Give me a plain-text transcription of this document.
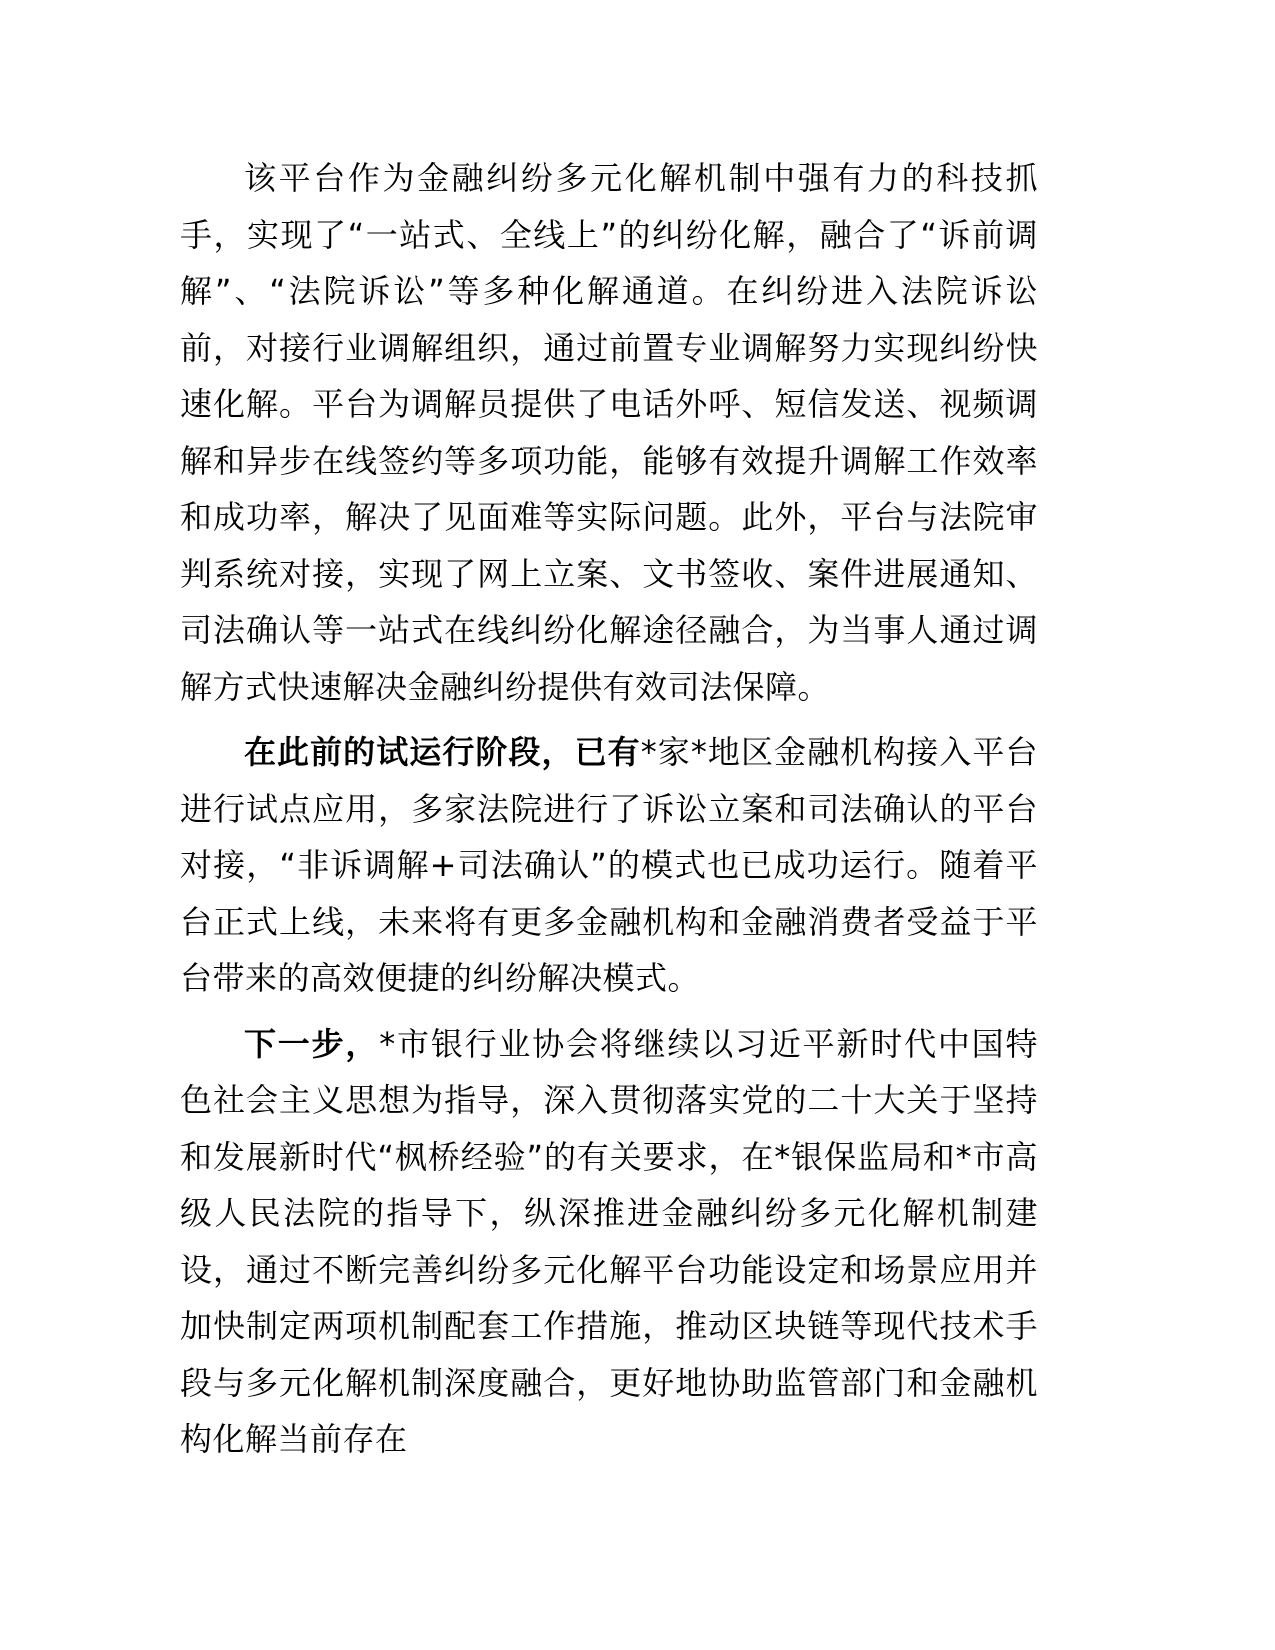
该平台作为金融纠纷多元化解机制中强有力的科技抓手，实现了“一站式、全线上”的纠纷化解，融合了“诉前调解”、“法院诉讼”等多种化解通道。在纠纷进入法院诉讼前，对接行业调解组织，通过前置专业调解努力实现纠纷快速化解。平台为调解员提供了电话外呼、短信发送、视频调解和异步在线签约等多项功能，能够有效提升调解工作效率和成功率，解决了见面难等实际问题。此外，平台与法院审判系统对接，实现了网上立案、文书签收、案件进展通知、司法确认等一站式在线纠纷化解途径融合，为当事人通过调解方式快速解决金融纠纷提供有效司法保障。

在此前的试运行阶段，已有*家*地区金融机构接入平台进行试点应用，多家法院进行了诉讼立案和司法确认的平台对接，“非诉调解+司法确认”的模式也已成功运行。随着平台正式上线，未来将有更多金融机构和金融消费者受益于平台带来的高效便捷的纠纷解决模式。

下一步，*市银行业协会将继续以习近平新时代中国特色社会主义思想为指导，深入贯彻落实党的二十大关于坚持和发展新时代“枫桥经验”的有关要求，在*银保监局和*市高级人民法院的指导下，纵深推进金融纠纷多元化解机制建设，通过不断完善纠纷多元化解平台功能设定和场景应用并加快制定两项机制配套工作措施，推动区块链等现代技术手段与多元化解机制深度融合，更好地协助监管部门和金融机构化解当前存在
